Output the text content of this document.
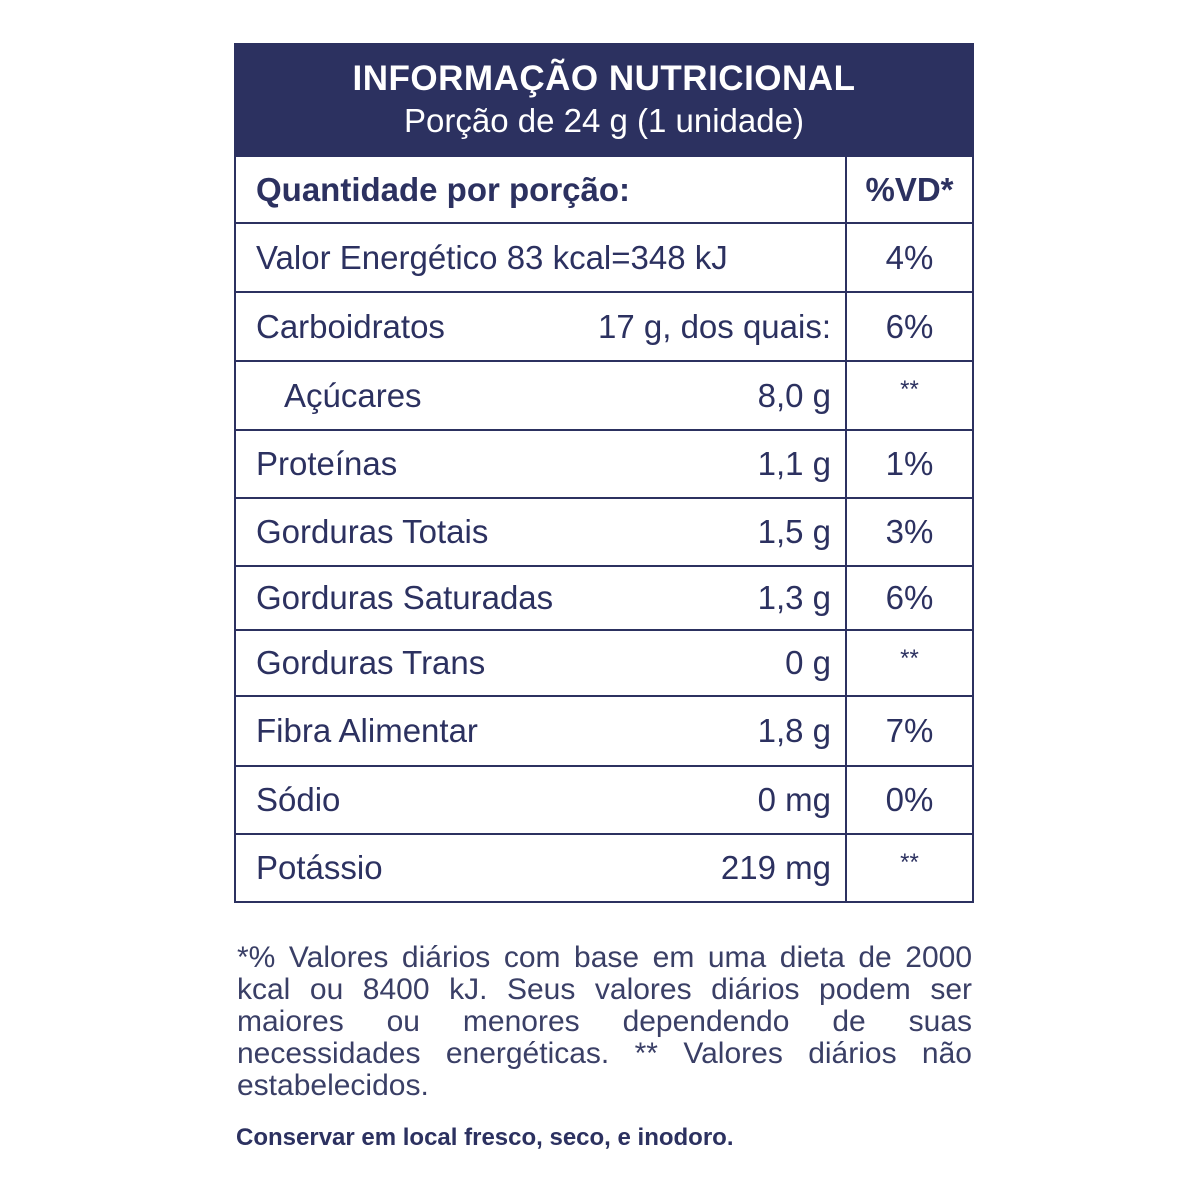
INFORMAÇÃO NUTRICIONAL
Porção de 24 g (1 unidade)
Quantidade por porção:	%VD*
Valor Energético 83 kcal=348 kJ	4%
Carboidratos	17 g, dos quais:	6%
Açúcares	8,0 g	**
Proteínas	1,1 g	1%
Gorduras Totais	1,5 g	3%
Gorduras Saturadas	1,3 g	6%
Gorduras Trans	0 g	**
Fibra Alimentar	1,8 g	7%
Sódio	0 mg	0%
Potássio	219 mg	**
*% Valores diários com base em uma dieta de 2000 kcal ou 8400 kJ. Seus valores diários podem ser maiores ou menores dependendo de suas necessidades energéticas. ** Valores diários não estabelecidos.
Conservar em local fresco, seco, e inodoro.
